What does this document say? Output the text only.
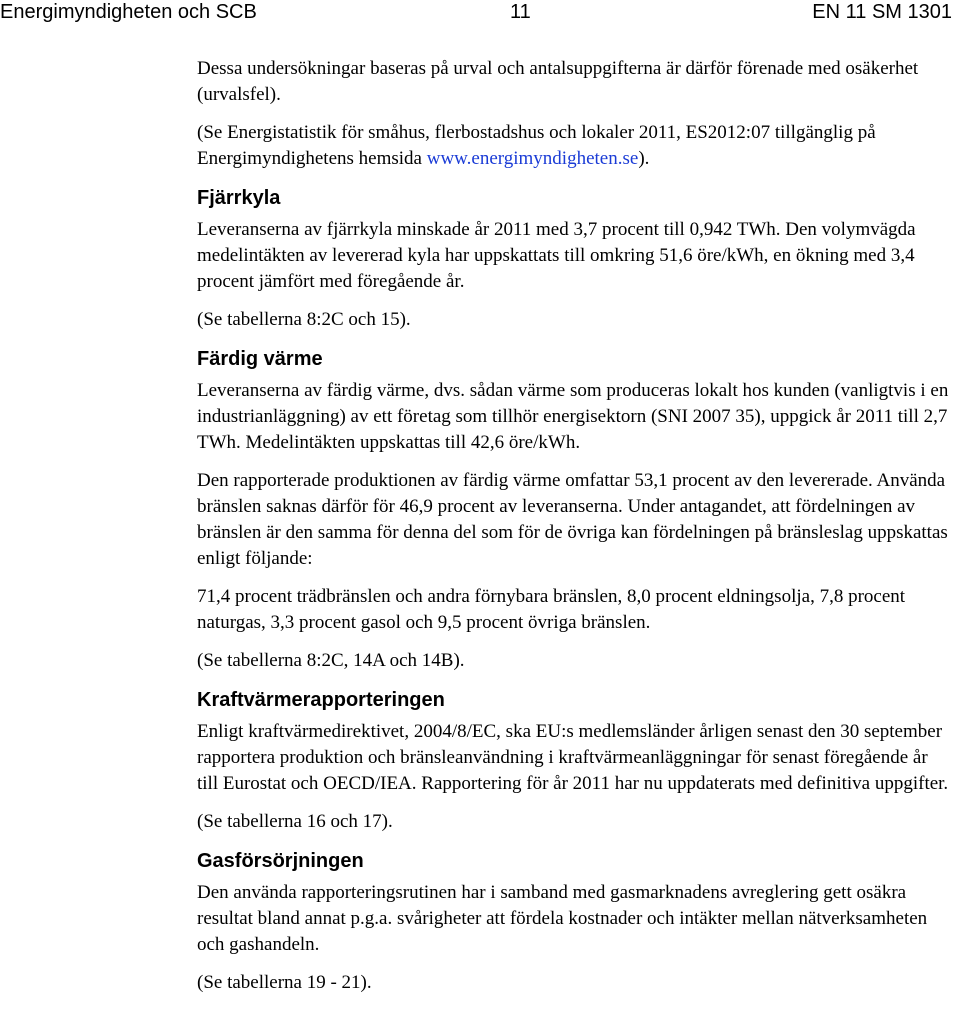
Energimyndigheten och SCB	11	EN 11 SM 1301

Dessa undersökningar baseras på urval och antalsuppgifterna är därför förenade med osäkerhet (urvalsfel).

(Se Energistatistik för småhus, flerbostadshus och lokaler 2011, ES2012:07 tillgänglig på Energimyndighetens hemsida www.energimyndigheten.se).

Fjärrkyla

Leveranserna av fjärrkyla minskade år 2011 med 3,7 procent till 0,942 TWh. Den volymvägda medelintäkten av levererad kyla har uppskattats till omkring 51,6 öre/kWh, en ökning med 3,4 procent jämfört med föregående år.

(Se tabellerna 8:2C och 15).

Färdig värme

Leveranserna av färdig värme, dvs. sådan värme som produceras lokalt hos kunden (vanligtvis i en industrianläggning) av ett företag som tillhör energisektorn (SNI 2007 35), uppgick år 2011 till 2,7 TWh. Medelintäkten uppskattas till 42,6 öre/kWh.

Den rapporterade produktionen av färdig värme omfattar 53,1 procent av den levererade. Använda bränslen saknas därför för 46,9 procent av leveranserna. Under antagandet, att fördelningen av bränslen är den samma för denna del som för de övriga kan fördelningen på bränsleslag uppskattas enligt följande:

71,4 procent trädbränslen och andra förnybara bränslen, 8,0 procent eldningsolja, 7,8 procent naturgas, 3,3 procent gasol och 9,5 procent övriga bränslen.

(Se tabellerna 8:2C, 14A och 14B).

Kraftvärmerapporteringen

Enligt kraftvärmedirektivet, 2004/8/EC, ska EU:s medlemsländer årligen senast den 30 september rapportera produktion och bränsleanvändning i kraftvärmeanläggningar för senast föregående år till Eurostat och OECD/IEA. Rapportering för år 2011 har nu uppdaterats med definitiva uppgifter.

(Se tabellerna 16 och 17).

Gasförsörjningen

Den använda rapporteringsrutinen har i samband med gasmarknadens avreglering gett osäkra resultat bland annat p.g.a. svårigheter att fördela kostnader och intäkter mellan nätverksamheten och gashandeln.

(Se tabellerna 19 - 21).
